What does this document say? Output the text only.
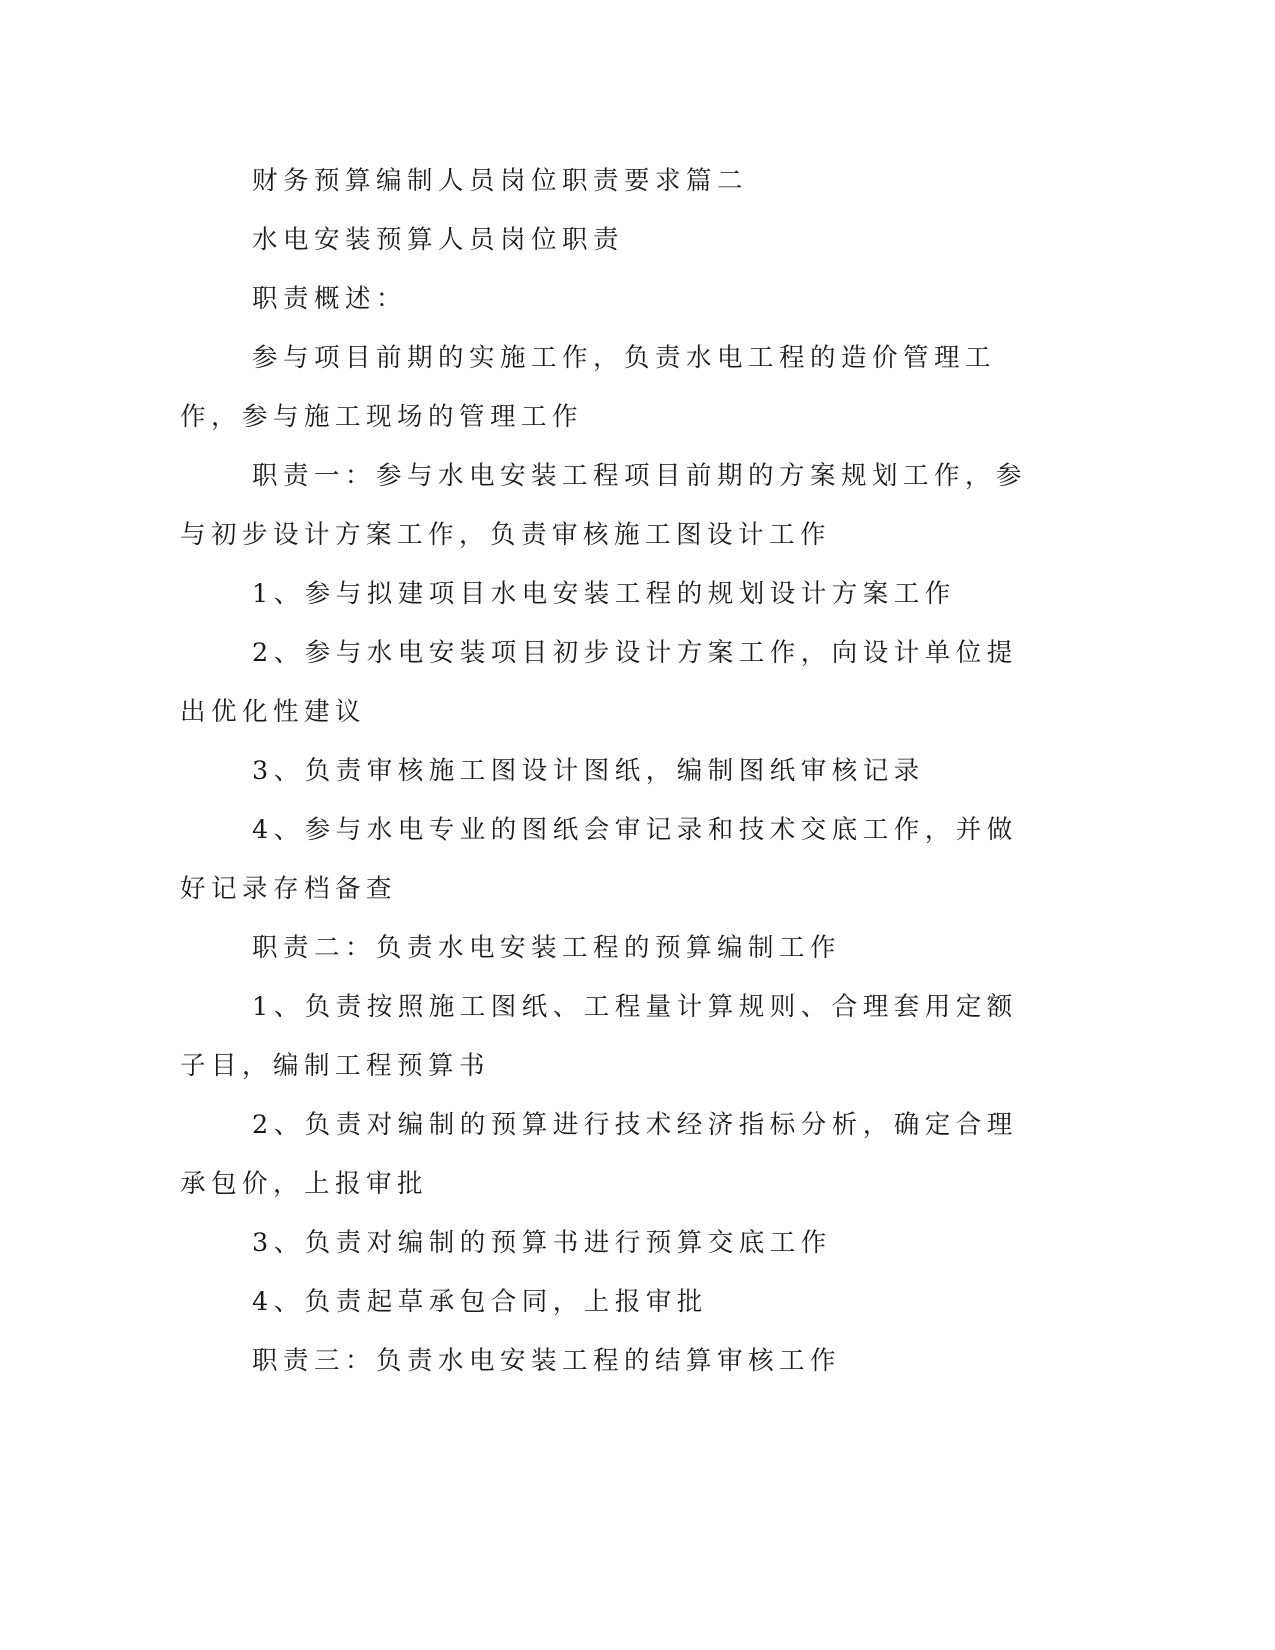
财务预算编制人员岗位职责要求篇二

水电安装预算人员岗位职责

职责概述：

参与项目前期的实施工作，负责水电工程的造价管理工作，参与施工现场的管理工作

职责一：参与水电安装工程项目前期的方案规划工作，参与初步设计方案工作，负责审核施工图设计工作

1、参与拟建项目水电安装工程的规划设计方案工作

2、参与水电安装项目初步设计方案工作，向设计单位提出优化性建议

3、负责审核施工图设计图纸，编制图纸审核记录

4、参与水电专业的图纸会审记录和技术交底工作，并做好记录存档备查

职责二：负责水电安装工程的预算编制工作

1、负责按照施工图纸、工程量计算规则、合理套用定额子目，编制工程预算书

2、负责对编制的预算进行技术经济指标分析，确定合理承包价，上报审批

3、负责对编制的预算书进行预算交底工作

4、负责起草承包合同，上报审批

职责三：负责水电安装工程的结算审核工作
